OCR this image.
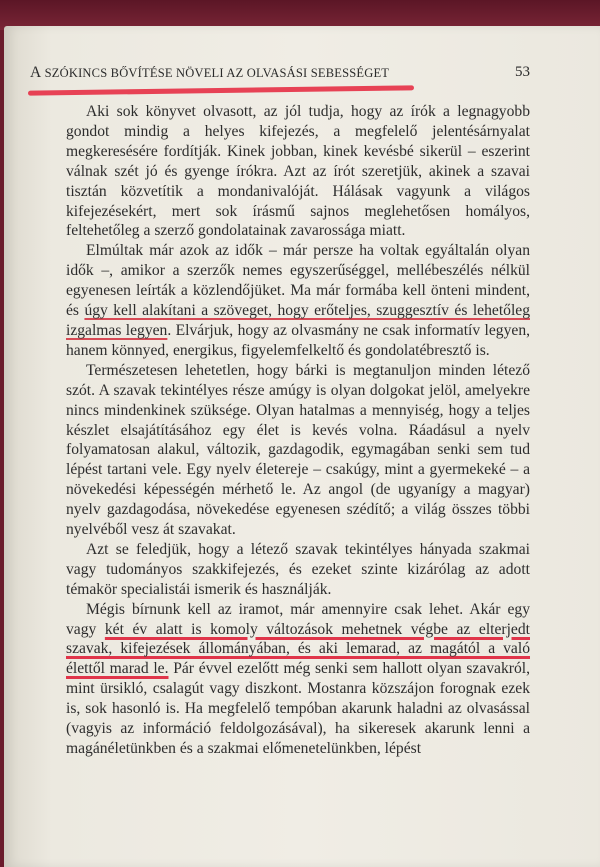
A SZÓKINCS BŐVÍTÉSE NÖVELI AZ OLVASÁSI SEBESSÉGET	53

Aki sok könyvet olvasott, az jól tudja, hogy az írók a legnagyobb gondot mindig a helyes kifejezés, a megfelelő jelentésárnyalat megkeresésére fordítják. Kinek jobban, kinek kevésbé sikerül – eszerint válnak szét jó és gyenge írókra. Azt az írót szeretjük, akinek a szavai tisztán közvetítik a mondanivalóját. Hálásak vagyunk a világos kifejezésekért, mert sok írásmű sajnos meglehetősen homályos, feltehetőleg a szerző gondolatainak zavarossága miatt.

Elmúltak már azok az idők – már persze ha voltak egyáltalán olyan idők –, amikor a szerzők nemes egyszerűséggel, mellébeszélés nélkül egyenesen leírták a közlendőjüket. Ma már formába kell önteni mindent, és úgy kell alakítani a szöveget, hogy erőteljes, szuggesztív és lehetőleg izgalmas legyen. Elvárjuk, hogy az olvasmány ne csak informatív legyen, hanem könnyed, energikus, figyelemfelkeltő és gondolatébresztő is.

Természetesen lehetetlen, hogy bárki is megtanuljon minden létező szót. A szavak tekintélyes része amúgy is olyan dolgokat jelöl, amelyekre nincs mindenkinek szüksége. Olyan hatalmas a mennyiség, hogy a teljes készlet elsajátításához egy élet is kevés volna. Ráadásul a nyelv folyamatosan alakul, változik, gazdagodik, egymagában senki sem tud lépést tartani vele. Egy nyelv életereje – csakúgy, mint a gyermekeké – a növekedési képességén mérhető le. Az angol (de ugyanígy a magyar) nyelv gazdagodása, növekedése egyenesen szédítő; a világ összes többi nyelvéből vesz át szavakat.

Azt se feledjük, hogy a létező szavak tekintélyes hányada szakmai vagy tudományos szakkifejezés, és ezeket szinte kizárólag az adott témakör specialistái ismerik és használják.

Mégis bírnunk kell az iramot, már amennyire csak lehet. Akár egy vagy két év alatt is komoly változások mehetnek végbe az elterjedt szavak, kifejezések állományában, és aki lemarad, az magától a való élettől marad le. Pár évvel ezelőtt még senki sem hallott olyan szavakról, mint ürsikló, csalagút vagy diszkont. Mostanra közszájon forognak ezek is, sok hasonló is. Ha megfelelő tempóban akarunk haladni az olvasással (vagyis az információ feldolgozásával), ha sikeresek akarunk lenni a magánéletünkben és a szakmai előmenetelünkben, lépést
